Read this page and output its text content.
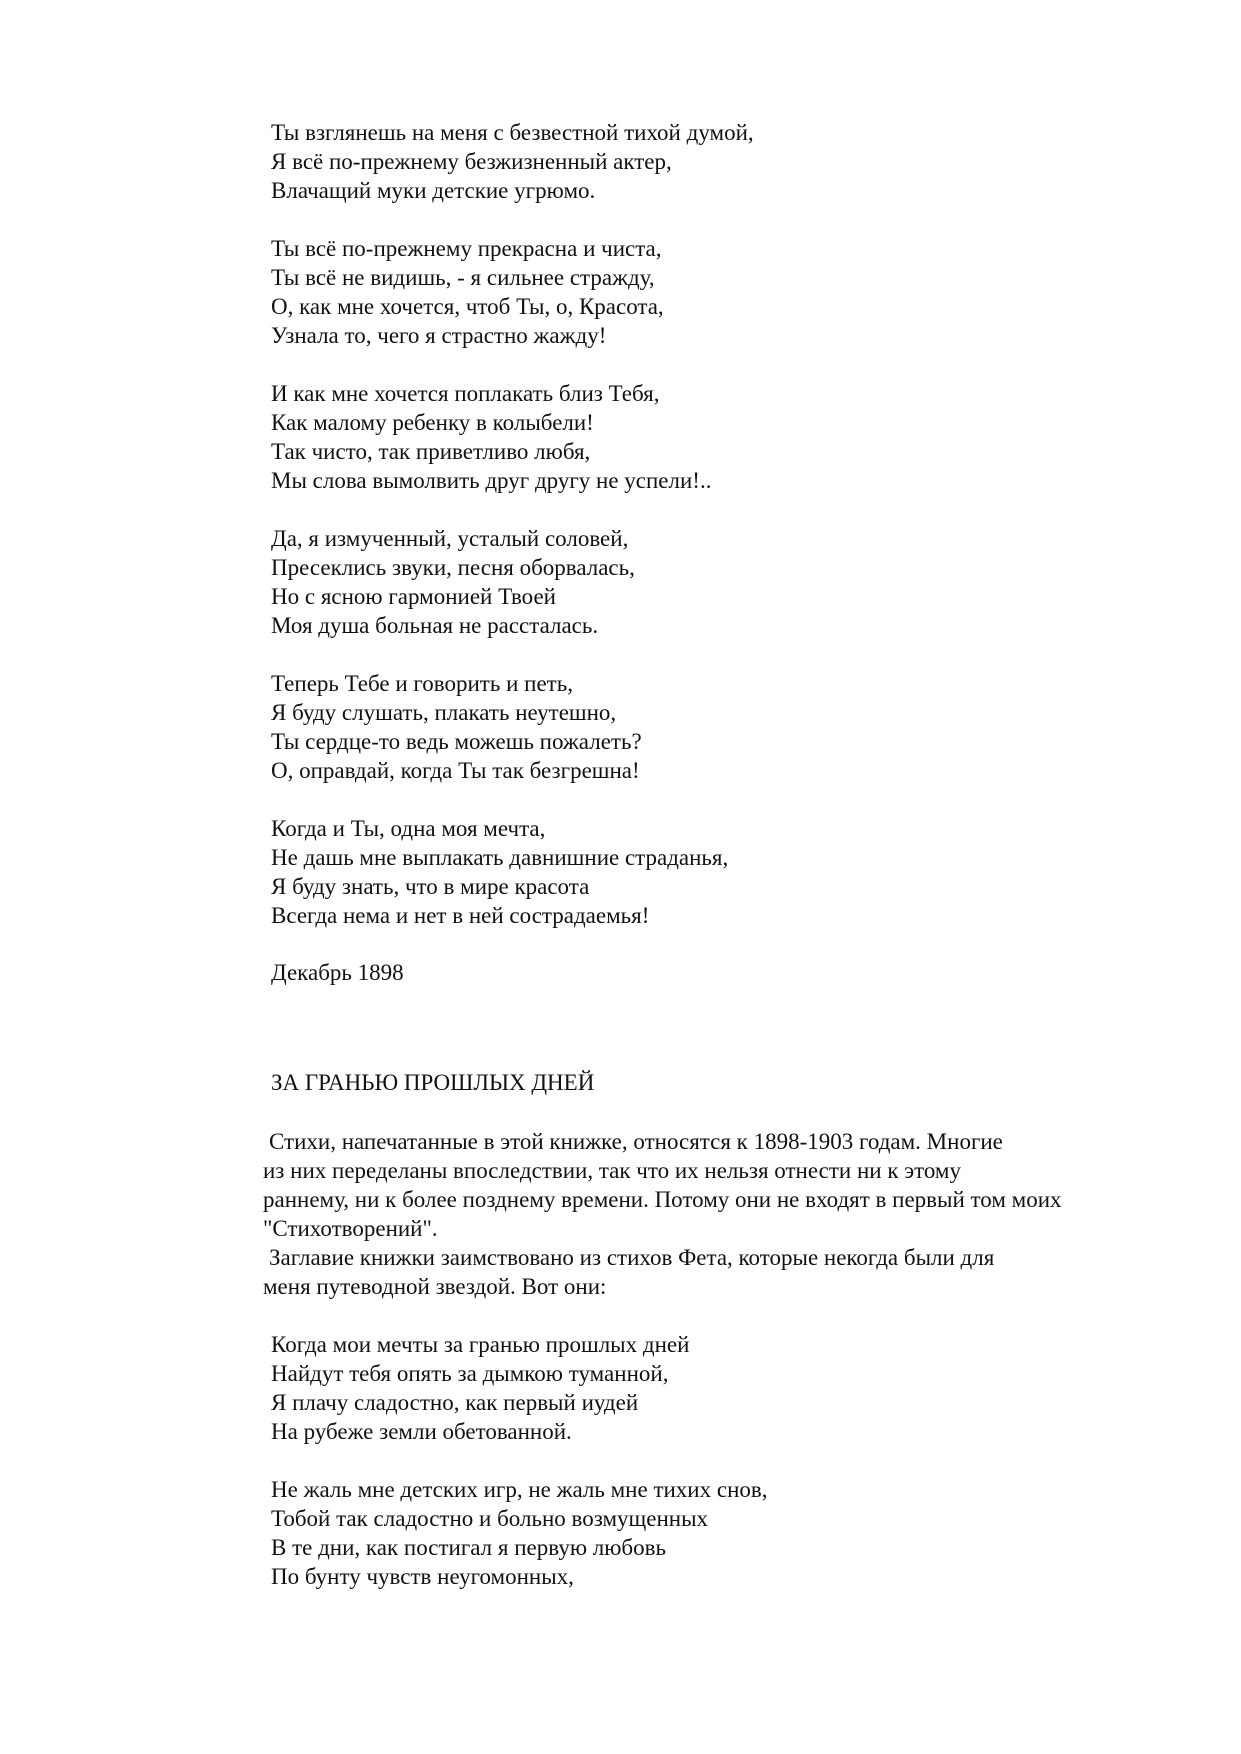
Ты взглянешь на меня с безвестной тихой думой,
Я всё по-прежнему безжизненный актер,
Влачащий муки детские угрюмо.
Ты всё по-прежнему прекрасна и чиста,
Ты всё не видишь, - я сильнее стражду,
О, как мне хочется, чтоб Ты, о, Красота,
Узнала то, чего я страстно жажду!
И как мне хочется поплакать близ Тебя,
Как малому ребенку в колыбели!
Так чисто, так приветливо любя,
Мы слова вымолвить друг другу не успели!..
Да, я измученный, усталый соловей,
Пресеклись звуки, песня оборвалась,
Но с ясною гармонией Твоей
Моя душа больная не рассталась.
Теперь Тебе и говорить и петь,
Я буду слушать, плакать неутешно,
Ты сердце-то ведь можешь пожалеть?
О, оправдай, когда Ты так безгрешна!
Когда и Ты, одна моя мечта,
Не дашь мне выплакать давнишние страданья,
Я буду знать, что в мире красота
Всегда нема и нет в ней сострадаемья!
Декабрь 1898
ЗА ГРАНЬЮ ПРОШЛЫХ ДНЕЙ
Стихи, напечатанные в этой книжке, относятся к 1898-1903 годам. Многие
из них переделаны впоследствии, так что их нельзя отнести ни к этому
раннему, ни к более позднему времени. Потому они не входят в первый том моих
"Стихотворений".
Заглавие книжки заимствовано из стихов Фета, которые некогда были для
меня путеводной звездой. Вот они:
Когда мои мечты за гранью прошлых дней
Найдут тебя опять за дымкою туманной,
Я плачу сладостно, как первый иудей
На рубеже земли обетованной.
Не жаль мне детских игр, не жаль мне тихих снов,
Тобой так сладостно и больно возмущенных
В те дни, как постигал я первую любовь
По бунту чувств неугомонных,
